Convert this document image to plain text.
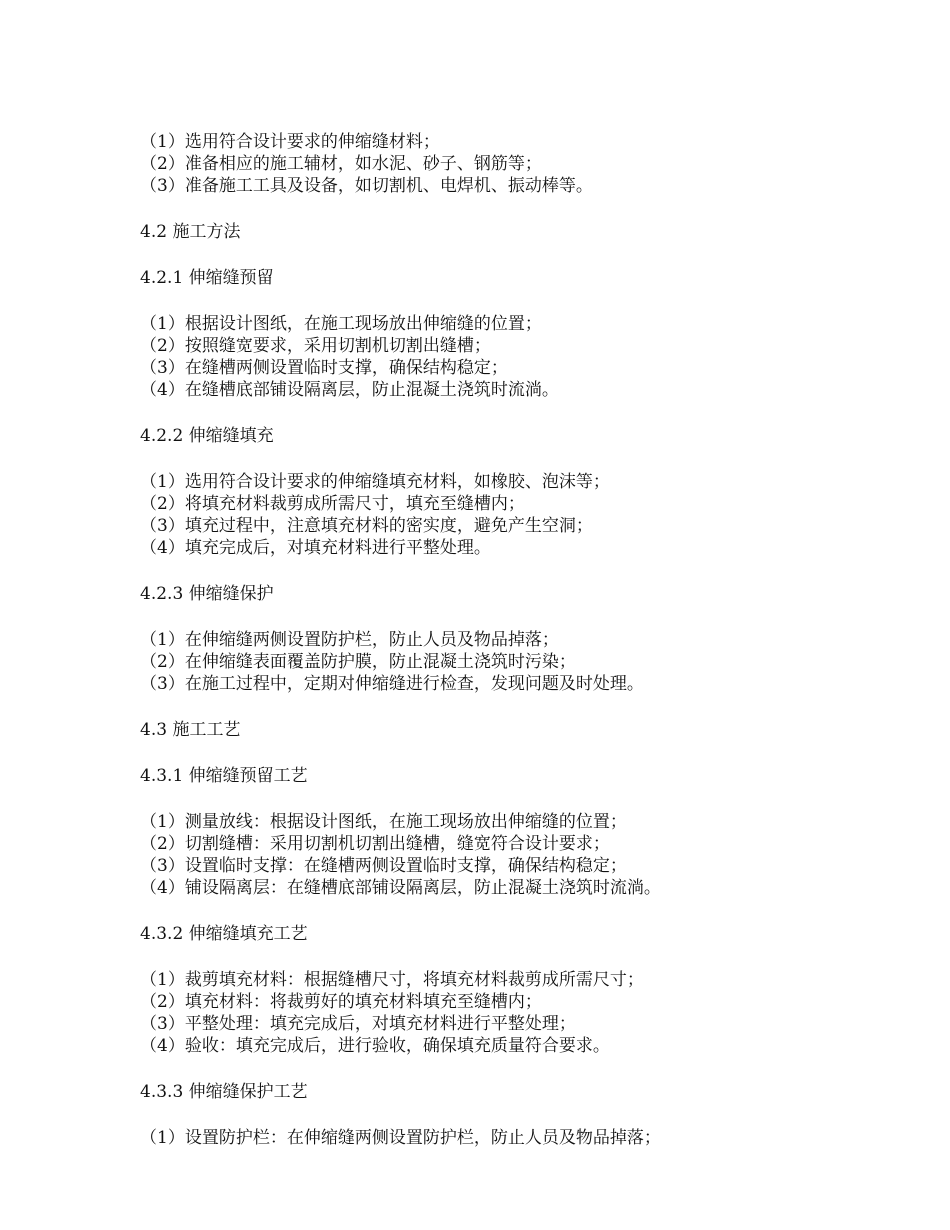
（1）选用符合设计要求的伸缩缝材料；
（2）准备相应的施工辅材，如水泥、砂子、钢筋等；
（3）准备施工工具及设备，如切割机、电焊机、振动棒等。
4.2 施工方法
4.2.1 伸缩缝预留
（1）根据设计图纸，在施工现场放出伸缩缝的位置；
（2）按照缝宽要求，采用切割机切割出缝槽；
（3）在缝槽两侧设置临时支撑，确保结构稳定；
（4）在缝槽底部铺设隔离层，防止混凝土浇筑时流淌。
4.2.2 伸缩缝填充
（1）选用符合设计要求的伸缩缝填充材料，如橡胶、泡沫等；
（2）将填充材料裁剪成所需尺寸，填充至缝槽内；
（3）填充过程中，注意填充材料的密实度，避免产生空洞；
（4）填充完成后，对填充材料进行平整处理。
4.2.3 伸缩缝保护
（1）在伸缩缝两侧设置防护栏，防止人员及物品掉落；
（2）在伸缩缝表面覆盖防护膜，防止混凝土浇筑时污染；
（3）在施工过程中，定期对伸缩缝进行检查，发现问题及时处理。
4.3 施工工艺
4.3.1 伸缩缝预留工艺
（1）测量放线：根据设计图纸，在施工现场放出伸缩缝的位置；
（2）切割缝槽：采用切割机切割出缝槽，缝宽符合设计要求；
（3）设置临时支撑：在缝槽两侧设置临时支撑，确保结构稳定；
（4）铺设隔离层：在缝槽底部铺设隔离层，防止混凝土浇筑时流淌。
4.3.2 伸缩缝填充工艺
（1）裁剪填充材料：根据缝槽尺寸，将填充材料裁剪成所需尺寸；
（2）填充材料：将裁剪好的填充材料填充至缝槽内；
（3）平整处理：填充完成后，对填充材料进行平整处理；
（4）验收：填充完成后，进行验收，确保填充质量符合要求。
4.3.3 伸缩缝保护工艺
（1）设置防护栏：在伸缩缝两侧设置防护栏，防止人员及物品掉落；
